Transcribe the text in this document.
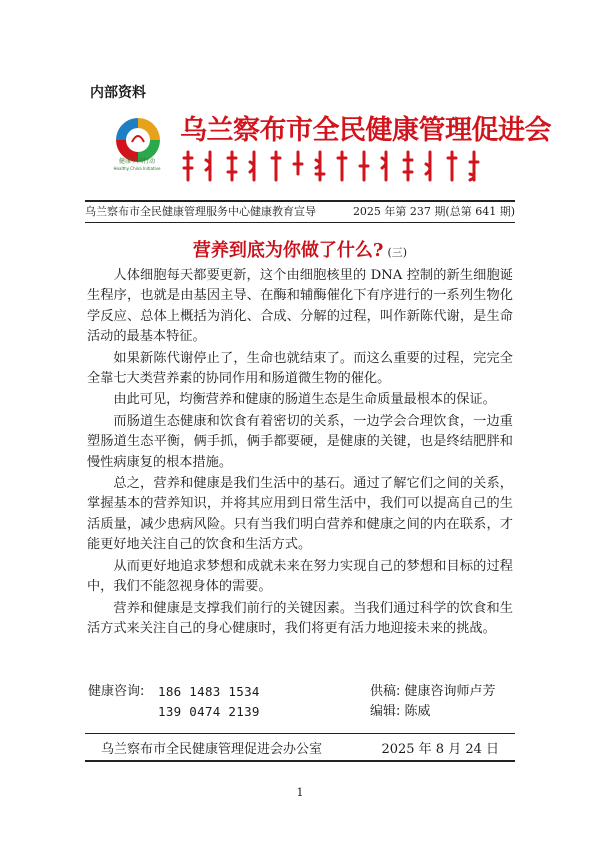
内部资料
健康中国行动
Healthy China Initiative
乌兰察布市全民健康管理促进会
乌兰察布市全民健康管理服务中心健康教育宣导	2025 年第 237 期(总第 641 期)
营养到底为你做了什么? (三)

人体细胞每天都要更新，这个由细胞核里的 DNA 控制的新生细胞诞生程序，也就是由基因主导、在酶和辅酶催化下有序进行的一系列生物化学反应、总体上概括为消化、合成、分解的过程，叫作新陈代谢，是生命活动的最基本特征。

如果新陈代谢停止了，生命也就结束了。而这么重要的过程，完完全全靠七大类营养素的协同作用和肠道微生物的催化。

由此可见，均衡营养和健康的肠道生态是生命质量最根本的保证。

而肠道生态健康和饮食有着密切的关系，一边学会合理饮食，一边重塑肠道生态平衡，俩手抓，俩手都要硬，是健康的关键，也是终结肥胖和慢性病康复的根本措施。

总之，营养和健康是我们生活中的基石。通过了解它们之间的关系，掌握基本的营养知识，并将其应用到日常生活中，我们可以提高自己的生活质量，减少患病风险。只有当我们明白营养和健康之间的内在联系，才能更好地关注自己的饮食和生活方式。

从而更好地追求梦想和成就未来在努力实现自己的梦想和目标的过程中，我们不能忽视身体的需要。

营养和健康是支撑我们前行的关键因素。当我们通过科学的饮食和生活方式来关注自己的身心健康时，我们将更有活力地迎接未来的挑战。

健康咨询:	186 1483 1534	供稿: 健康咨询师卢芳
139 0474 2139	编辑: 陈威
乌兰察布市全民健康管理促进会办公室	2025 年 8 月 24 日
1
